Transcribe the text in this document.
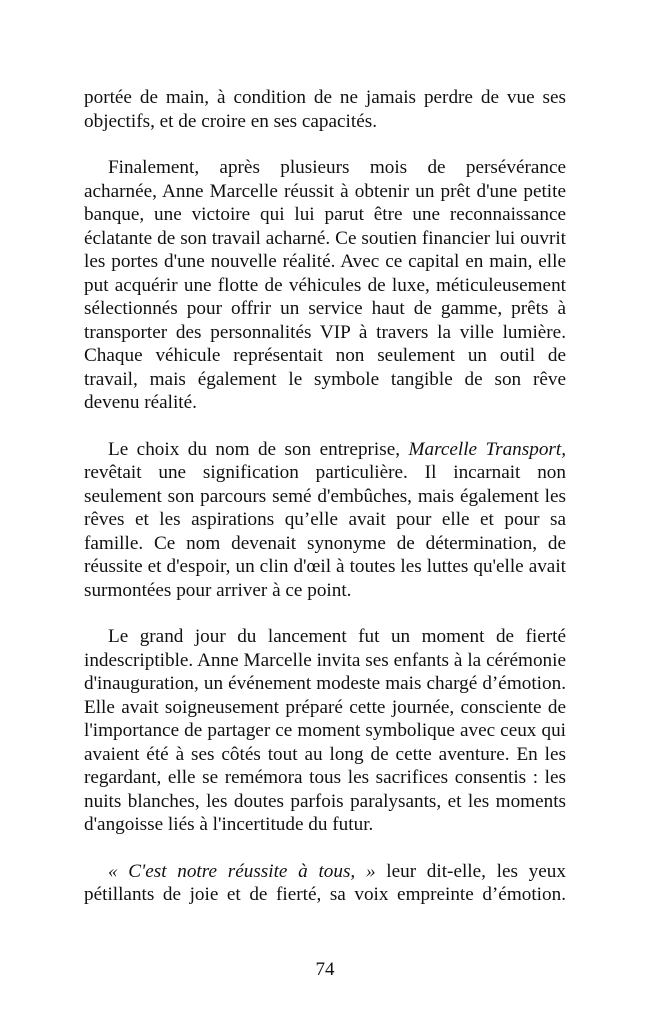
portée de main, à condition de ne jamais perdre de vue ses objectifs, et de croire en ses capacités.

Finalement, après plusieurs mois de persévérance acharnée, Anne Marcelle réussit à obtenir un prêt d'une petite banque, une victoire qui lui parut être une reconnaissance éclatante de son travail acharné. Ce soutien financier lui ouvrit les portes d'une nouvelle réalité. Avec ce capital en main, elle put acquérir une flotte de véhicules de luxe, méticuleusement sélectionnés pour offrir un service haut de gamme, prêts à transporter des personnalités VIP à travers la ville lumière. Chaque véhicule représentait non seulement un outil de travail, mais également le symbole tangible de son rêve devenu réalité.

Le choix du nom de son entreprise, Marcelle Transport, revêtait une signification particulière. Il incarnait non seulement son parcours semé d'embûches, mais également les rêves et les aspirations qu’elle avait pour elle et pour sa famille. Ce nom devenait synonyme de détermination, de réussite et d'espoir, un clin d'œil à toutes les luttes qu'elle avait surmontées pour arriver à ce point.

Le grand jour du lancement fut un moment de fierté indescriptible. Anne Marcelle invita ses enfants à la cérémonie d'inauguration, un événement modeste mais chargé d’émotion. Elle avait soigneusement préparé cette journée, consciente de l'importance de partager ce moment symbolique avec ceux qui avaient été à ses côtés tout au long de cette aventure. En les regardant, elle se remémora tous les sacrifices consentis : les nuits blanches, les doutes parfois paralysants, et les moments d'angoisse liés à l'incertitude du futur.

« C'est notre réussite à tous, » leur dit-elle, les yeux pétillants de joie et de fierté, sa voix empreinte d’émotion.

74
